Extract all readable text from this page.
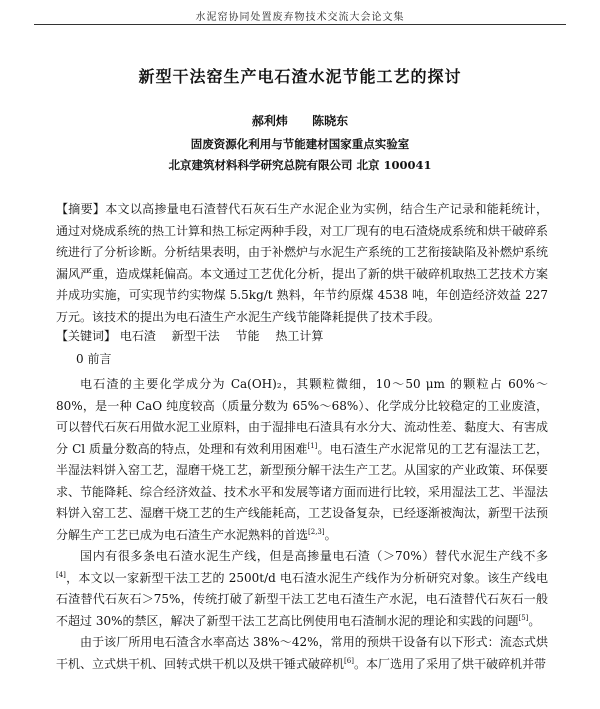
水泥窑协同处置废弃物技术交流大会论文集
新型干法窑生产电石渣水泥节能工艺的探讨
郝利炜 陈晓东
固废资源化利用与节能建材国家重点实验室
北京建筑材料科学研究总院有限公司 北京 100041

【摘要】本文以高掺量电石渣替代石灰石生产水泥企业为实例，结合生产记录和能耗统计，通过对烧成系统的热工计算和热工标定两种手段，对工厂现有的电石渣烧成系统和烘干破碎系统进行了分析诊断。分析结果表明，由于补燃炉与水泥生产系统的工艺衔接缺陷及补燃炉系统漏风严重，造成煤耗偏高。本文通过工艺优化分析，提出了新的烘干破碎机取热工艺技术方案并成功实施，可实现节约实物煤 5.5kg/t 熟料，年节约原煤 4538 吨，年创造经济效益 227 万元。该技术的提出为电石渣生产水泥生产线节能降耗提供了技术手段。

【关键词】 电石渣 新型干法 节能 热工计算
0 前言

电石渣的主要化学成分为 Ca(OH)₂，其颗粒微细，10～50 μm 的颗粒占 60%～80%，是一种 CaO 纯度较高（质量分数为 65%～68%）、化学成分比较稳定的工业废渣，可以替代石灰石用做水泥工业原料，由于湿排电石渣具有水分大、流动性差、黏度大、有害成分 Cl 质量分数高的特点，处理和有效利用困难[1]。电石渣生产水泥常见的工艺有湿法工艺，半湿法料饼入窑工艺，湿磨干烧工艺，新型预分解干法生产工艺。从国家的产业政策、环保要求、节能降耗、综合经济效益、技术水平和发展等诸方面而进行比较，采用湿法工艺、半湿法料饼入窑工艺、湿磨干烧工艺的生产线能耗高，工艺设备复杂，已经逐渐被淘汰，新型干法预分解生产工艺已成为电石渣生产水泥熟料的首选[2,3]。

国内有很多条电石渣水泥生产线，但是高掺量电石渣（＞70%）替代水泥生产线不多[4]，本文以一家新型干法工艺的 2500t/d 电石渣水泥生产线作为分析研究对象。该生产线电石渣替代石灰石＞75%，传统打破了新型干法工艺电石渣生产水泥，电石渣替代石灰石一般不超过 30%的禁区，解决了新型干法工艺高比例使用电石渣制水泥的理论和实践的问题[5]。

由于该厂所用电石渣含水率高达 38%～42%，常用的预烘干设备有以下形式：流态式烘干机、立式烘干机、回转式烘干机以及烘干锤式破碎机[6]。本厂选用了采用了烘干破碎机并带
